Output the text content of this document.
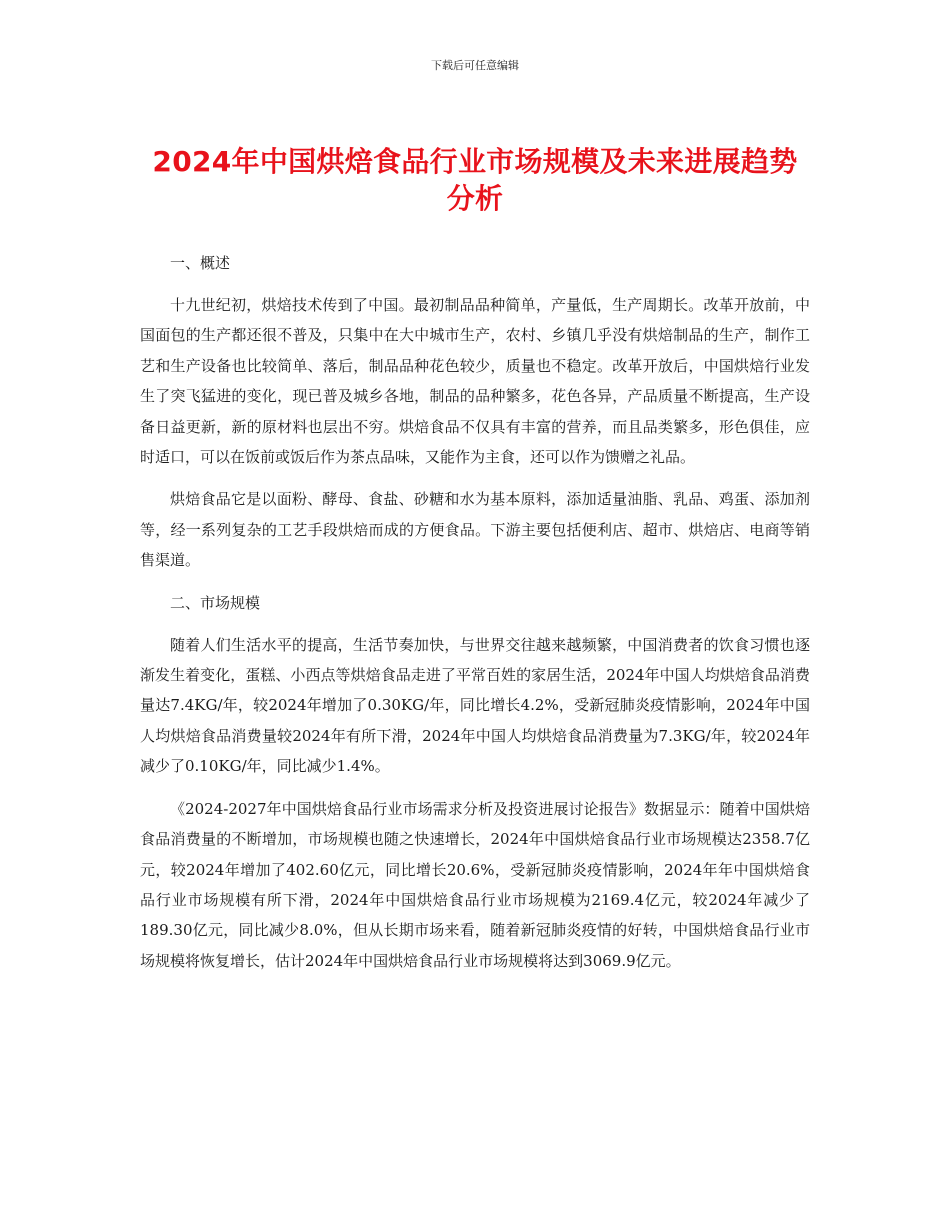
下载后可任意编辑
2024年中国烘焙食品行业市场规模及未来进展趋势分析

一、概述

十九世纪初，烘焙技术传到了中国。最初制品品种简单，产量低，生产周期长。改革开放前，中国面包的生产都还很不普及，只集中在大中城市生产，农村、乡镇几乎没有烘焙制品的生产，制作工艺和生产设备也比较简单、落后，制品品种花色较少，质量也不稳定。改革开放后，中国烘焙行业发生了突飞猛进的变化，现已普及城乡各地，制品的品种繁多，花色各异，产品质量不断提高，生产设备日益更新，新的原材料也层出不穷。烘焙食品不仅具有丰富的营养，而且品类繁多，形色俱佳，应时适口，可以在饭前或饭后作为茶点品味，又能作为主食，还可以作为馈赠之礼品。

烘焙食品它是以面粉、酵母、食盐、砂糖和水为基本原料，添加适量油脂、乳品、鸡蛋、添加剂等，经一系列复杂的工艺手段烘焙而成的方便食品。下游主要包括便利店、超市、烘焙店、电商等销售渠道。

二、市场规模

随着人们生活水平的提高，生活节奏加快，与世界交往越来越频繁，中国消费者的饮食习惯也逐渐发生着变化，蛋糕、小西点等烘焙食品走进了平常百姓的家居生活，2024年中国人均烘焙食品消费量达7.4KG/年，较2024年增加了0.30KG/年，同比增长4.2%，受新冠肺炎疫情影响，2024年中国人均烘焙食品消费量较2024年有所下滑，2024年中国人均烘焙食品消费量为7.3KG/年，较2024年减少了0.10KG/年，同比减少1.4%。

《2024-2027年中国烘焙食品行业市场需求分析及投资进展讨论报告》数据显示：随着中国烘焙食品消费量的不断增加，市场规模也随之快速增长，2024年中国烘焙食品行业市场规模达2358.7亿元，较2024年增加了402.60亿元，同比增长20.6%，受新冠肺炎疫情影响，2024年年中国烘焙食品行业市场规模有所下滑，2024年中国烘焙食品行业市场规模为2169.4亿元，较2024年减少了189.30亿元，同比减少8.0%，但从长期市场来看，随着新冠肺炎疫情的好转，中国烘焙食品行业市场规模将恢复增长，估计2024年中国烘焙食品行业市场规模将达到3069.9亿元。
